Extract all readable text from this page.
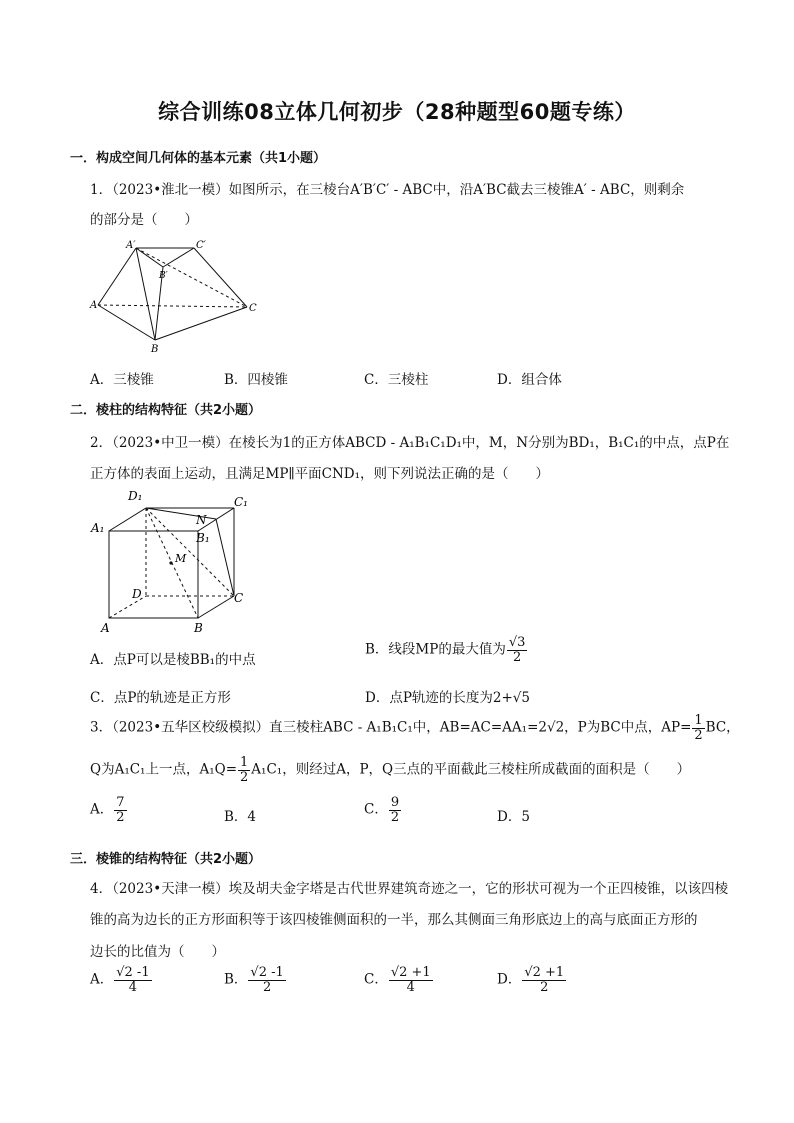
综合训练08立体几何初步（28种题型60题专练）
一．构成空间几何体的基本元素（共1小题）
1．（2023•淮北一模）如图所示，在三棱台A′B′C′ - ABC中，沿A′BC截去三棱锥A′ - ABC，则剩余
的部分是（　　）
A′	C′
B′
A	C
B
A．三棱锥	B．四棱锥	C．三棱柱	D．组合体
二．棱柱的结构特征（共2小题）
2．（2023•中卫一模）在棱长为1的正方体ABCD - A₁B₁C₁D₁中，M，N分别为BD₁，B₁C₁的中点，点P在
正方体的表面上运动，且满足MP∥平面CND₁，则下列说法正确的是（　　）
D₁	C₁
A₁
N
B₁
M
D	C
A	B
A．点P可以是棱BB₁的中点
B．线段MP的最大值为 $\frac{√3}{2}$
C．点P的轨迹是正方形	D．点P轨迹的长度为2+√5
3．（2023•五华区校级模拟）直三棱柱ABC - A₁B₁C₁中，AB=AC=AA₁=2√2，P为BC中点，$AP= \frac{1}{2}$ BC，
Q为A₁C₁上一点，$A_1Q= \frac{1}{2} A_1C_1$，则经过A，P，Q三点的平面截此三棱柱所成截面的面积是（　　）
A． $\frac{7}{2}$	B．4	C． $\frac{9}{2}$	D．5
三．棱锥的结构特征（共2小题）
4．（2023•天津一模）埃及胡夫金字塔是古代世界建筑奇迹之一，它的形状可视为一个正四棱锥，以该四棱
锥的高为边长的正方形面积等于该四棱锥侧面积的一半，那么其侧面三角形底边上的高与底面正方形的
边长的比值为（　　）
A． $\frac{√2 -1}{4}$	B． $\frac{√2 -1}{2}$	C． $\frac{√2 +1}{4}$	D． $\frac{√2 +1}{2}$
